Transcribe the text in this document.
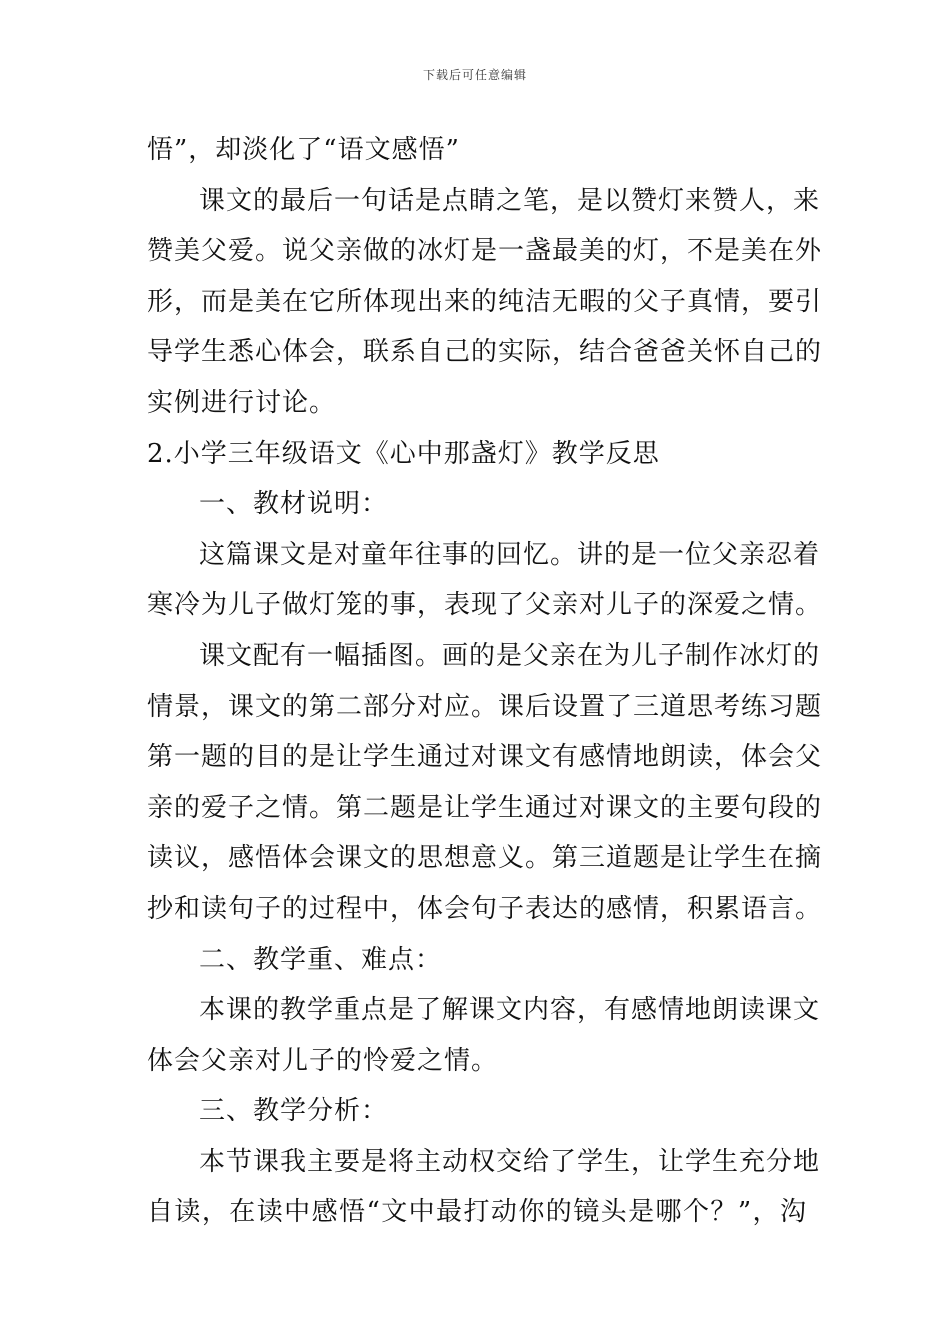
下载后可任意编辑
悟”，却淡化了“语文感悟”
课文的最后一句话是点睛之笔，是以赞灯来赞人，来
赞美父爱。说父亲做的冰灯是一盏最美的灯，不是美在外
形，而是美在它所体现出来的纯洁无暇的父子真情，要引
导学生悉心体会，联系自己的实际，结合爸爸关怀自己的
实例进行讨论。
2.小学三年级语文《心中那盏灯》教学反思
一、教材说明：
这篇课文是对童年往事的回忆。讲的是一位父亲忍着
寒冷为儿子做灯笼的事，表现了父亲对儿子的深爱之情。
课文配有一幅插图。画的是父亲在为儿子制作冰灯的
情景，课文的第二部分对应。课后设置了三道思考练习题
第一题的目的是让学生通过对课文有感情地朗读，体会父
亲的爱子之情。第二题是让学生通过对课文的主要句段的
读议，感悟体会课文的思想意义。第三道题是让学生在摘
抄和读句子的过程中，体会句子表达的感情，积累语言。
二、教学重、难点：
本课的教学重点是了解课文内容，有感情地朗读课文
体会父亲对儿子的怜爱之情。
三、教学分析：
本节课我主要是将主动权交给了学生，让学生充分地
自读，在读中感悟“文中最打动你的镜头是哪个？”，沟
